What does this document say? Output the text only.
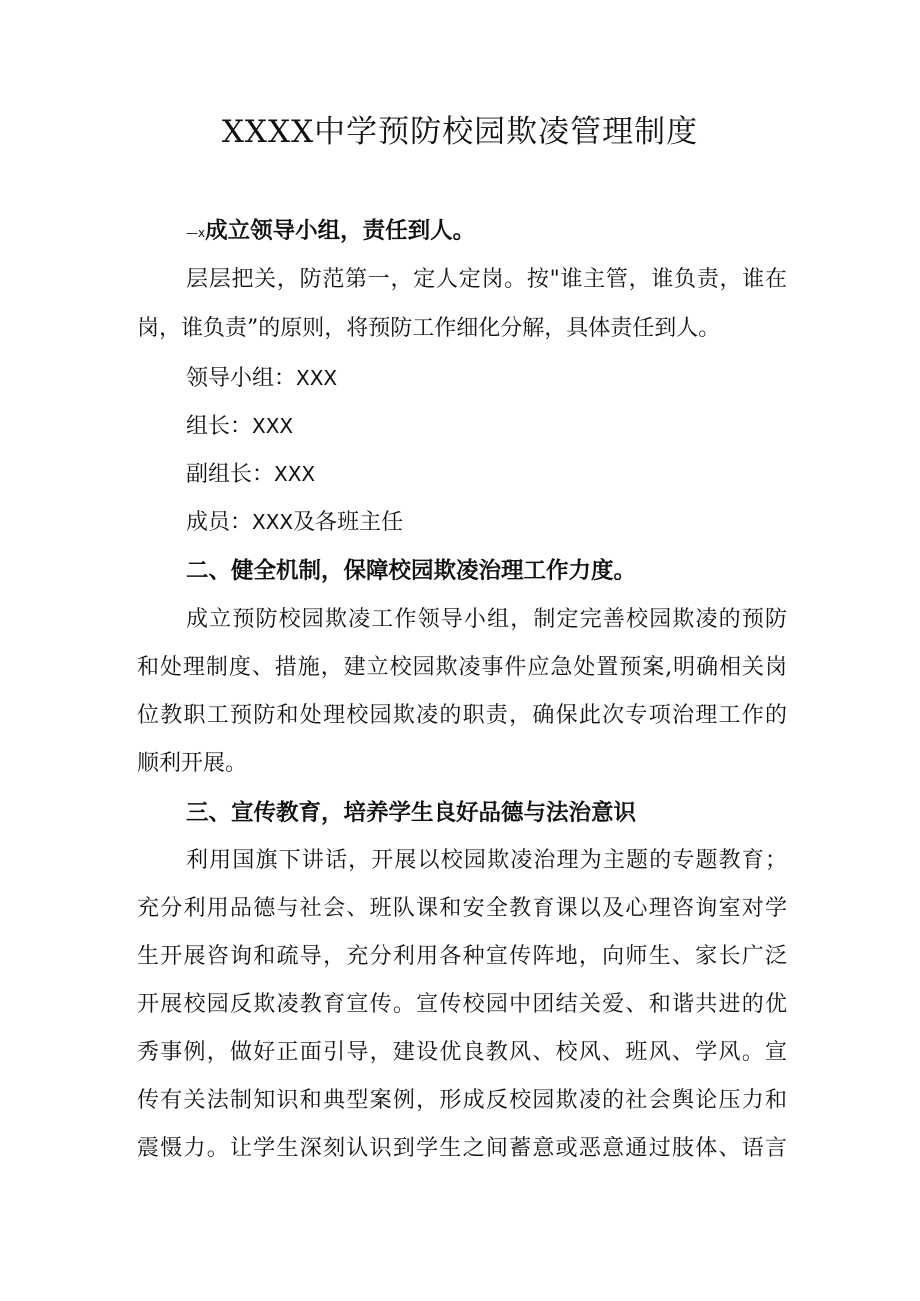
XXXX中学预防校园欺凌管理制度
—x成立领导小组，责任到人。
层层把关，防范第一，定人定岗。按"谁主管，谁负责，谁在
岗，谁负责”的原则，将预防工作细化分解，具体责任到人。
领导小组：XXX
组长：XXX
副组长：XXX
成员：XXX及各班主任
二、健全机制，保障校园欺凌治理工作力度。
成立预防校园欺凌工作领导小组，制定完善校园欺凌的预防
和处理制度、措施，建立校园欺凌事件应急处置预案,明确相关岗
位教职工预防和处理校园欺凌的职责，确保此次专项治理工作的
顺利开展。
三、宣传教育，培养学生良好品德与法治意识
利用国旗下讲话，开展以校园欺凌治理为主题的专题教育；
充分利用品德与社会、班队课和安全教育课以及心理咨询室对学
生开展咨询和疏导，充分利用各种宣传阵地，向师生、家长广泛
开展校园反欺凌教育宣传。宣传校园中团结关爱、和谐共进的优
秀事例，做好正面引导，建设优良教风、校风、班风、学风。宣
传有关法制知识和典型案例，形成反校园欺凌的社会舆论压力和
震慑力。让学生深刻认识到学生之间蓄意或恶意通过肢体、语言
